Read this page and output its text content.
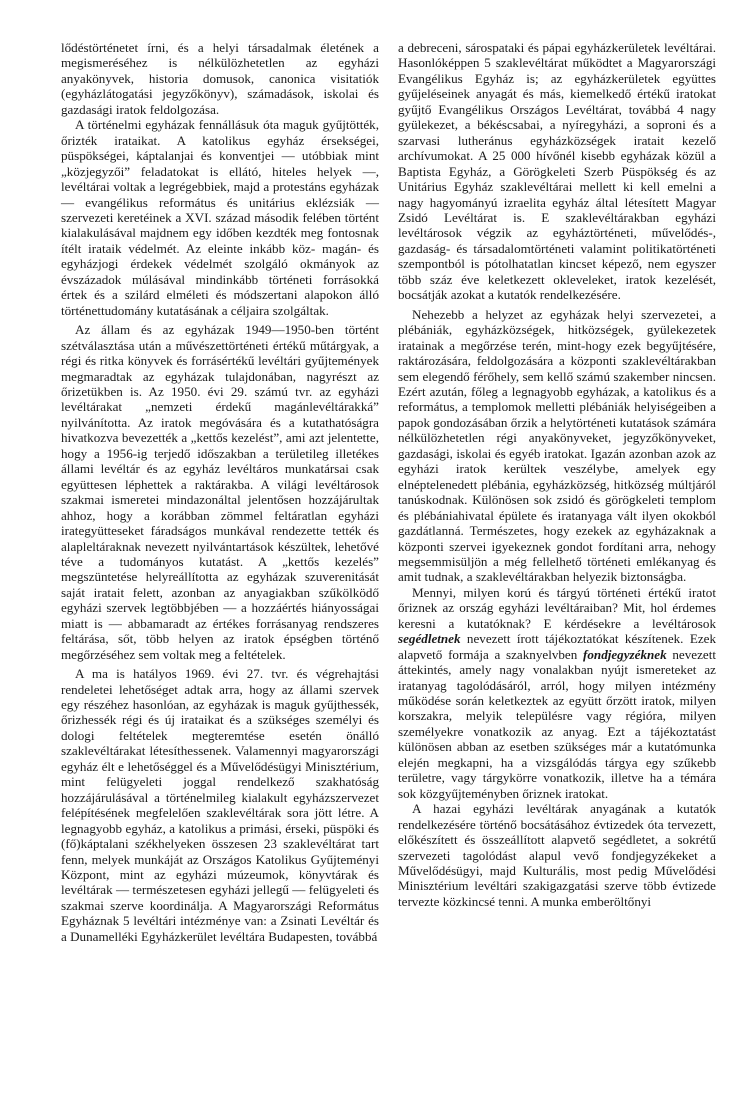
lődéstörténetet írni, és a helyi társadalmak életének a megismeréséhez is nélkülözhetetlen az egyházi anyakönyvek, historia domusok, canonica visitatiók (egyházlátogatási jegyzőkönyv), számadások, iskolai és gazdasági iratok feldolgozása.

A történelmi egyházak fennállásuk óta maguk gyűjtötték, őrizték irataikat. A katolikus egyház érsekségei, püspökségei, káptalanjai és konventjei — utóbbiak mint „közjegyzői” feladatokat is ellátó, hiteles helyek —, levéltárai voltak a legrégebbiek, majd a protestáns egyházak — evangélikus református és unitárius eklézsiák — szervezeti keretéinek a XVI. század második felében történt kialakulásával majdnem egy időben kezdték meg fontosnak ítélt irataik védelmét. Az eleinte inkább köz- magán- és egyházjogi érdekek védelmét szolgáló okmányok az évszázadok múlásával mindinkább történeti forrásokká értek és a szilárd elméleti és módszertani alapokon álló történettudomány kutatásának a céljaira szolgáltak.

Az állam és az egyházak 1949—1950-ben történt szétválasztása után a művészettörténeti értékű műtárgyak, a régi és ritka könyvek és forrásértékű levéltári gyűjtemények megmaradtak az egyházak tulajdonában, nagyrészt az őrizetükben is. Az 1950. évi 29. számú tvr. az egyházi levéltárakat „nemzeti érdekű magánlevéltárakká” nyilvánította. Az iratok megóvására és a kutathatóságra hivatkozva bevezették a „kettős kezelést”, ami azt jelentette, hogy a 1956-ig terjedő időszakban a területileg illetékes állami levéltár és az egyház levéltáros munkatársai csak együttesen léphettek a raktárakba. A világi levéltárosok szakmai ismeretei mindazonáltal jelentősen hozzájárultak ahhoz, hogy a korábban zömmel feltáratlan egyházi irategyütteseket fáradságos munkával rendezette tették és alapleltáraknak nevezett nyilvántartások készültek, lehetővé téve a tudományos kutatást. A „kettős kezelés” megszüntetése helyreállította az egyházak szuverenitását saját iratait felett, azonban az anyagiakban szűkölködő egyházi szervek legtöbbjében — a hozzáértés hiányosságai miatt is — abbamaradt az értékes forrásanyag rendszeres feltárása, sőt, több helyen az iratok épségben történő megőrzéséhez sem voltak meg a feltételek.

A ma is hatályos 1969. évi 27. tvr. és végrehajtási rendeletei lehetőséget adtak arra, hogy az állami szervek egy részéhez hasonlóan, az egyházak is maguk gyűjthessék, őrizhessék régi és új irataikat és a szükséges személyi és dologi feltételek megteremtése esetén önálló szaklevéltárakat létesíthessenek. Valamennyi magyarországi egyház élt e lehetőséggel és a Művelődésügyi Minisztérium, mint felügyeleti joggal rendelkező szakhatóság hozzájárulásával a történelmileg kialakult egyházszervezet felépítésének megfelelően szaklevéltárak sora jött létre. A legnagyobb egyház, a katolikus a primási, érseki, püspöki és (fő)káptalani székhelyeken összesen 23 szaklevéltárat tart fenn, melyek munkáját az Országos Katolikus Gyűjteményi Központ, mint az egyházi múzeumok, könyvtárak és levéltárak — természetesen egyházi jellegű — felügyeleti és szakmai szerve koordinálja. A Magyarországi Református Egyháznak 5 levéltári intézménye van: a Zsinati Levéltár és a Dunamelléki Egyházkerület levéltára Budapesten, továbbá

a debreceni, sárospataki és pápai egyházkerületek levéltárai. Hasonlóképpen 5 szaklevéltárat működtet a Magyarországi Evangélikus Egyház is; az egyházkerületek együttes gyűjeléseinek anyagát és más, kiemelkedő értékű iratokat gyűjtő Evangélikus Országos Levéltárat, továbbá 4 nagy gyülekezet, a békéscsabai, a nyíregyházi, a soproni és a szarvasi lutheránus egyházközségek iratait kezelő archívumokat. A 25 000 hívőnél kisebb egyházak közül a Baptista Egyház, a Görögkeleti Szerb Püspökség és az Unitárius Egyház szaklevéltárai mellett ki kell emelni a nagy hagyományú izraelita egyház által létesített Magyar Zsidó Levéltárat is. E szaklevéltárakban egyházi levéltárosok végzik az egyháztörténeti, művelődés-, gazdaság- és társadalomtörténeti valamint politikatörténeti szempontból is pótolhatatlan kincset képező, nem egyszer több száz éve keletkezett okleveleket, iratok kezelését, bocsátják azokat a kutatók rendelkezésére.

Nehezebb a helyzet az egyházak helyi szervezetei, a plébániák, egyházközségek, hitközségek, gyülekezetek iratainak a megőrzése terén, mint-hogy ezek begyűjtésére, raktározására, feldolgozására a központi szaklevéltárakban sem elegendő férőhely, sem kellő számú szakember nincsen. Ezért azután, főleg a legnagyobb egyházak, a katolikus és a református, a templomok melletti plébániák helyiségeiben a papok gondozásában őrzik a helytörténeti kutatások számára nélkülözhetetlen régi anyakönyveket, jegyzőkönyveket, gazdasági, iskolai és egyéb iratokat. Igazán azonban azok az egyházi iratok kerültek veszélybe, amelyek egy elnéptelenedett plébánia, egyházközség, hitközség múltjáról tanúskodnak. Különösen sok zsidó és görögkeleti templom és plébániahivatal épülete és iratanyaga vált ilyen okokból gazdátlanná. Természetes, hogy ezekek az egyházaknak a központi szervei igyekeznek gondot fordítani arra, nehogy megsemmisüljön a még fellelhető történeti emlékanyag és amit tudnak, a szaklevéltárakban helyezik biztonságba.

Mennyi, milyen korú és tárgyú történeti értékű iratot őriznek az ország egyházi levéltáraiban? Mit, hol érdemes keresni a kutatóknak? E kérdésekre a levéltárosok segédletnek nevezett írott tájékoztatókat készítenek. Ezek alapvető formája a szaknyelvben fondjegyzéknek nevezett áttekintés, amely nagy vonalakban nyújt ismereteket az iratanyag tagolódásáról, arról, hogy milyen intézmény működése során keletkeztek az együtt őrzött iratok, milyen korszakra, melyik településre vagy régióra, milyen személyekre vonatkozik az anyag. Ezt a tájékoztatást különösen abban az esetben szükséges már a kutatómunka elején megkapni, ha a vizsgálódás tárgya egy szűkebb területre, vagy tárgykörre vonatkozik, illetve ha a témára sok közgyűjteményben őriznek iratokat.

A hazai egyházi levéltárak anyagának a kutatók rendelkezésére történő bocsátásához évtizedek óta tervezett, előkészített és összeállított alapvető segédletet, a sokrétű szervezeti tagolódást alapul vevő fondjegyzékeket a Művelődésügyi, majd Kulturális, most pedig Művelődési Minisztérium levéltári szakigazgatási szerve több évtizede tervezte közkincsé tenni. A munka emberöltőnyi
